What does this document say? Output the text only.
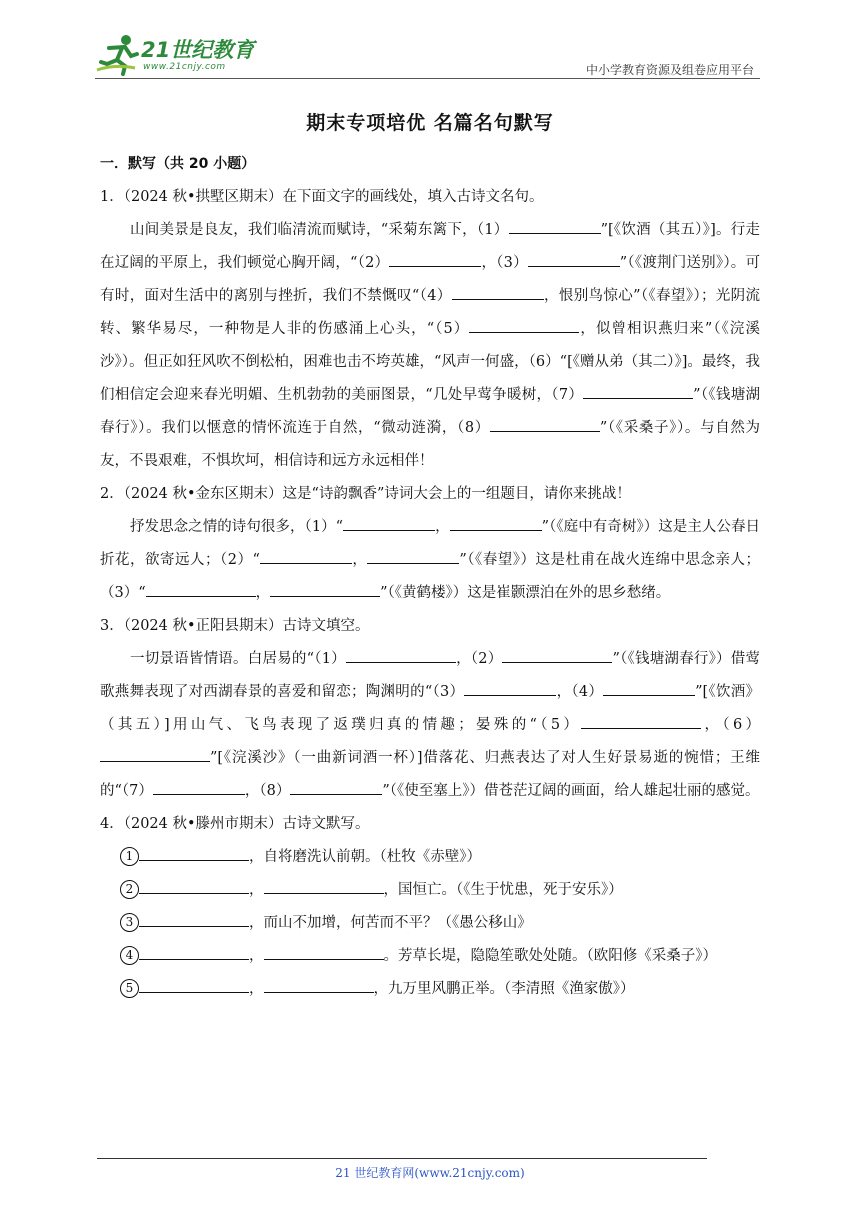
21世纪教育
www.21cnjy.com	中小学教育资源及组卷应用平台
期末专项培优 名篇名句默写

一．默写（共 20 小题）

1．（2024 秋•拱墅区期末）在下面文字的画线处，填入古诗文名句。

山间美景是良友，我们临清流而赋诗，“采菊东篱下，（1）	”[《饮酒（其五）》]。行走在辽阔的平原上，我们顿觉心胸开阔，“（2）	，（3）	”（《渡荆门送别》）。可有时，面对生活中的离别与挫折，我们不禁慨叹“（4）	，恨别鸟惊心”（《春望》）；光阴流转、繁华易尽，一种物是人非的伤感涌上心头，“（5）	，似曾相识燕归来”（《浣溪沙》）。但正如狂风吹不倒松柏，困难也击不垮英雄，“风声一何盛，（6）“[《赠从弟（其二）》]。最终，我们相信定会迎来春光明媚、生机勃勃的美丽图景，“几处早莺争暖树，（7）	”（《钱塘湖春行》）。我们以惬意的情怀流连于自然，“微动涟漪，（8）	”（《采桑子》）。与自然为友，不畏艰难，不惧坎坷，相信诗和远方永远相伴！

2．（2024 秋•金东区期末）这是“诗韵飘香”诗词大会上的一组题目，请你来挑战！

抒发思念之情的诗句很多，（1）“	，	”（《庭中有奇树》）这是主人公春日折花，欲寄远人；（2）“	，	”（《春望》）这是杜甫在战火连绵中思念亲人；（3）“	，	”（《黄鹤楼》）这是崔颢漂泊在外的思乡愁绪。

3．（2024 秋•正阳县期末）古诗文填空。

一切景语皆情语。白居易的“（1）	，（2）	”（《钱塘湖春行》）借莺歌燕舞表现了对西湖春景的喜爱和留恋；陶渊明的“（3）	，（4）	”[《饮酒》（其五）]用山气、飞鸟表现了返璞归真的情趣；晏殊的“（5）	，（6）”[《浣溪沙》（一曲新词酒一杯）]借落花、归燕表达了对人生好景易逝的惋惜；王维的“（7）	，（8）	”（《使至塞上》）借苍茫辽阔的画面，给人雄起壮丽的感觉。

4．（2024 秋•滕州市期末）古诗文默写。

1	，自将磨洗认前朝。（杜牧《赤壁》）

2	，	，国恒亡。（《生于忧患，死于安乐》）

3	，而山不加增，何苦而不平？（《愚公移山》

4	，	。芳草长堤，隐隐笙歌处处随。（欧阳修《采桑子》）

5	，	，九万里风鹏正举。（李清照《渔家傲》）

21 世纪教育网(www.21cnjy.com)
